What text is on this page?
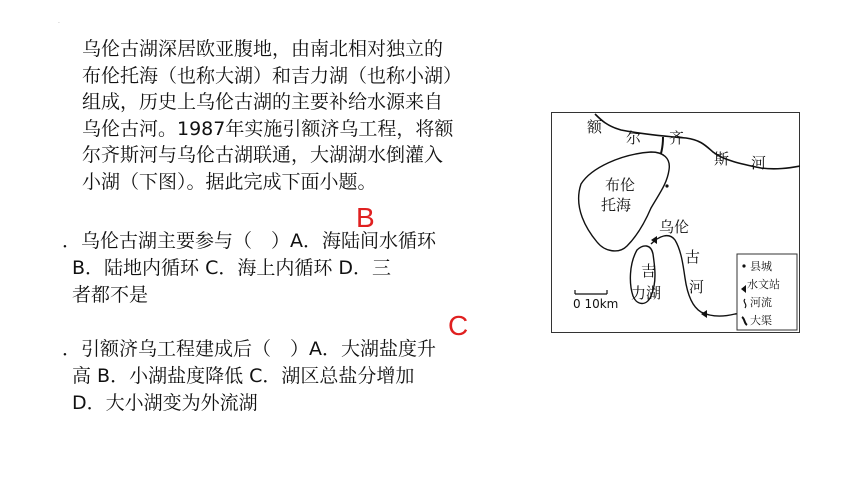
·
乌伦古湖深居欧亚腹地，由南北相对独立的
布伦托海（也称大湖）和吉力湖（也称小湖）
组成，历史上乌伦古湖的主要补给水源来自
乌伦古河。1987年实施引额济乌工程，将额
尔齐斯河与乌伦古湖联通，大湖湖水倒灌入
小湖（下图）。据此完成下面小题。
B
．乌伦古湖主要参与（　）A．海陆间水循环
B．陆地内循环 C．海上内循环 D．三
者都不是
C
．引额济乌工程建成后（　）A．大湖盐度升
高 B．小湖盐度降低 C．湖区总盐分增加
D．大小湖变为外流湖
额
尔 齐
斯 河
布伦
托海
吉
力湖
乌伦
古
河
0 10km
县城
水文站
河流
大渠
